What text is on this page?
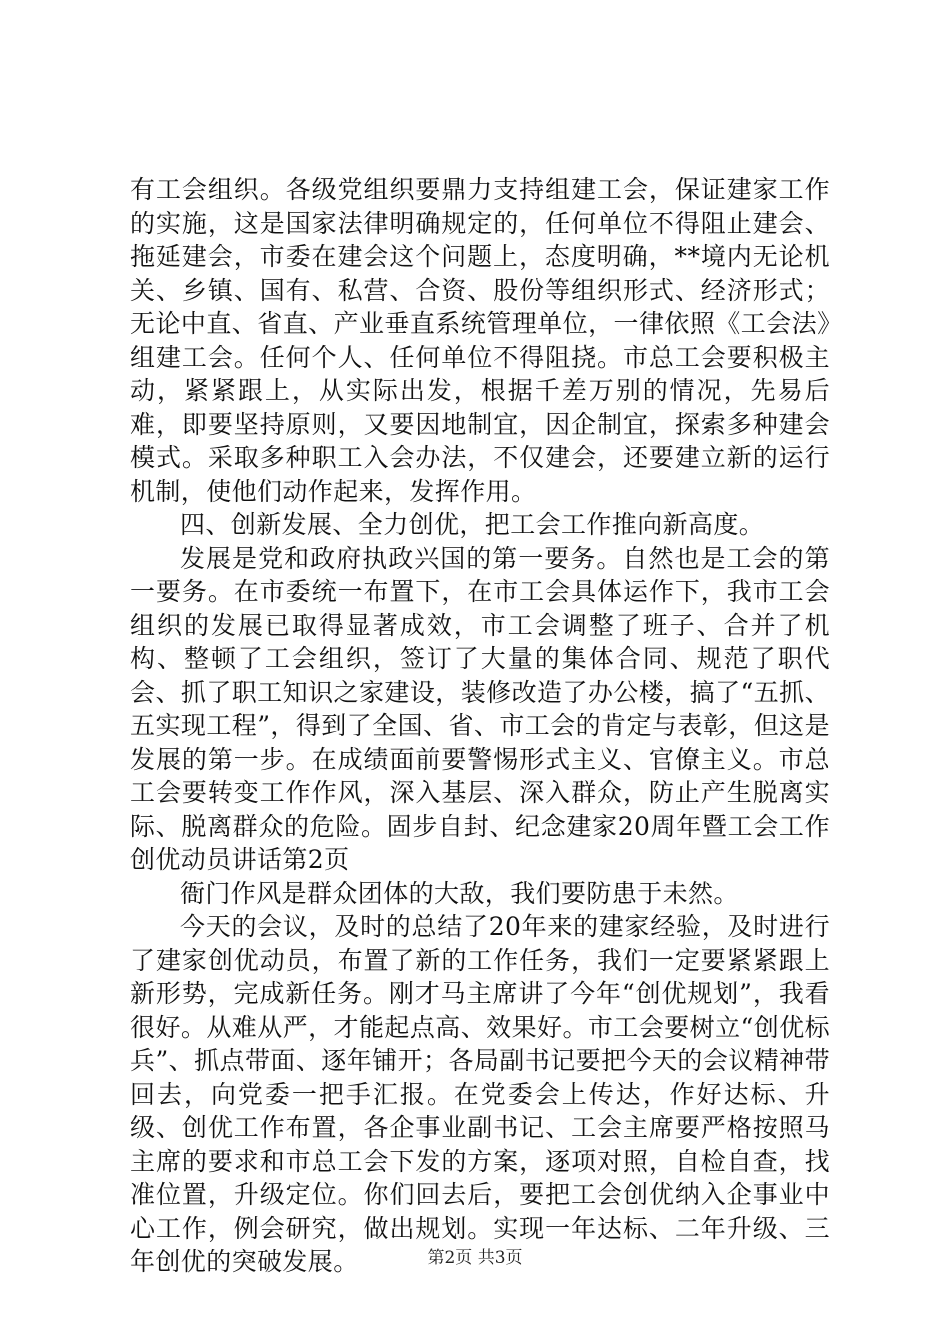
有工会组织。各级党组织要鼎力支持组建工会，保证建家工作的实施，这是国家法律明确规定的，任何单位不得阻止建会、拖延建会，市委在建会这个问题上，态度明确，**境内无论机关、乡镇、国有、私营、合资、股份等组织形式、经济形式；无论中直、省直、产业垂直系统管理单位，一律依照《工会法》组建工会。任何个人、任何单位不得阻挠。市总工会要积极主动，紧紧跟上，从实际出发，根据千差万别的情况，先易后难，即要坚持原则，又要因地制宜，因企制宜，探索多种建会模式。采取多种职工入会办法，不仅建会，还要建立新的运行机制，使他们动作起来，发挥作用。

四、创新发展、全力创优，把工会工作推向新高度。

发展是党和政府执政兴国的第一要务。自然也是工会的第一要务。在市委统一布置下，在市工会具体运作下，我市工会组织的发展已取得显著成效，市工会调整了班子、合并了机构、整顿了工会组织，签订了大量的集体合同、规范了职代会、抓了职工知识之家建设，装修改造了办公楼，搞了“五抓、五实现工程”，得到了全国、省、市工会的肯定与表彰，但这是发展的第一步。在成绩面前要警惕形式主义、官僚主义。市总工会要转变工作作风，深入基层、深入群众，防止产生脱离实际、脱离群众的危险。固步自封、纪念建家20周年暨工会工作创优动员讲话第2页

衙门作风是群众团体的大敌，我们要防患于未然。

今天的会议，及时的总结了20年来的建家经验，及时进行了建家创优动员，布置了新的工作任务，我们一定要紧紧跟上新形势，完成新任务。刚才马主席讲了今年“创优规划”，我看很好。从难从严，才能起点高、效果好。市工会要树立“创优标兵”、抓点带面、逐年铺开；各局副书记要把今天的会议精神带回去，向党委一把手汇报。在党委会上传达，作好达标、升级、创优工作布置，各企事业副书记、工会主席要严格按照马主席的要求和市总工会下发的方案，逐项对照，自检自查，找准位置，升级定位。你们回去后，要把工会创优纳入企事业中心工作，例会研究，做出规划。实现一年达标、二年升级、三年创优的突破发展。	第2页 共3页
